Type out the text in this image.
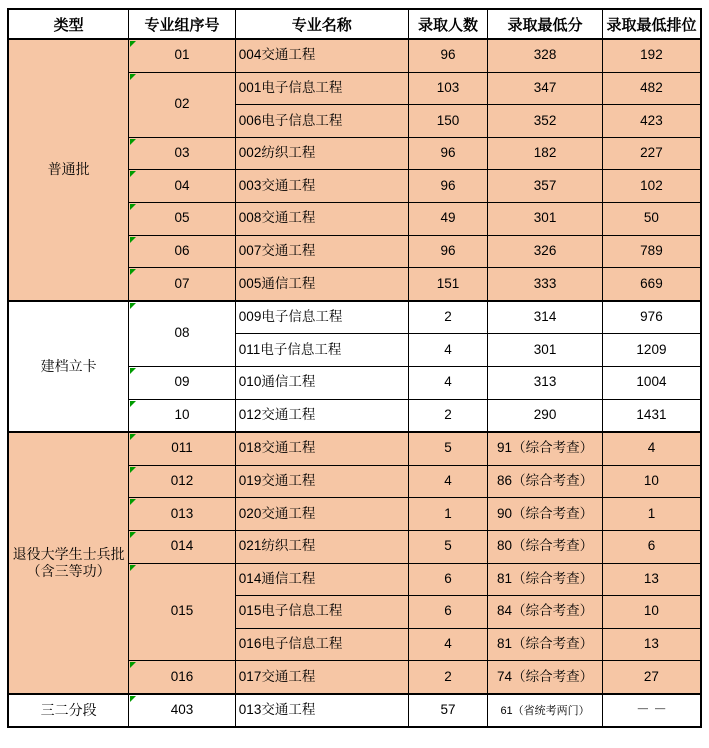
类型	专业组序号	专业名称	录取人数	录取最低分	录取最低排位
普通批	01	004交通工程	96	328	192

02	001电子信息工程	103	347	482
		006电子信息工程	150	352	423

03	002纺织工程	96	182	227

04	003交通工程	96	357	102

05	008交通工程	49	301	50

06	007交通工程	96	326	789

07	005通信工程	151	333	669
建档立卡	08	009电子信息工程	2	314	976
		011电子信息工程	4	301	1209

09	010通信工程	4	313	1004

10	012交通工程	2	290	1431
退役大学生士兵批（含三等功）	011	018交通工程	5	91（综合考查）	4

012	019交通工程	4	86（综合考查）	10

013	020交通工程	1	90（综合考查）	1

014	021纺织工程	5	80（综合考查）	6

015	014通信工程	6	81（综合考查）	13
		015电子信息工程	6	84（综合考查）	10
		016电子信息工程	4	81（综合考查）	13

016	017交通工程	2	74（综合考查）	27
三二分段	403	013交通工程	57	61（省统考两门）	－ －
